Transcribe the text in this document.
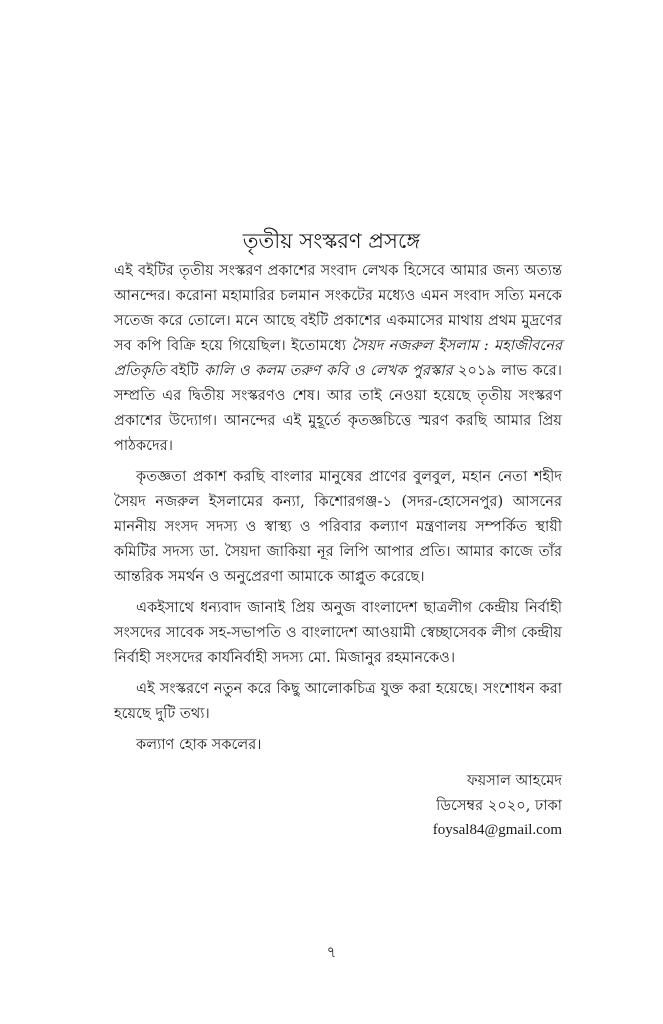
তৃতীয় সংস্করণ প্রসঙ্গে

এই বইটির তৃতীয় সংস্করণ প্রকাশের সংবাদ লেখক হিসেবে আমার জন্য অত্যন্ত আনন্দের। করোনা মহামারির চলমান সংকটের মধ্যেও এমন সংবাদ সত্যি মনকে সতেজ করে তোলে। মনে আছে বইটি প্রকাশের একমাসের মাথায় প্রথম মুদ্রণের সব কপি বিক্রি হয়ে গিয়েছিল। ইতোমধ্যে সৈয়দ নজরুল ইসলাম : মহাজীবনের প্রতিকৃতি বইটি কালি ও কলম তরুণ কবি ও লেখক পুরস্কার ২০১৯ লাভ করে। সম্প্রতি এর দ্বিতীয় সংস্করণও শেষ। আর তাই নেওয়া হয়েছে তৃতীয় সংস্করণ প্রকাশের উদ্যোগ। আনন্দের এই মুহূর্তে কৃতজ্ঞচিত্তে স্মরণ করছি আমার প্রিয় পাঠকদের।

কৃতজ্ঞতা প্রকাশ করছি বাংলার মানুষের প্রাণের বুলবুল, মহান নেতা শহীদ সৈয়দ নজরুল ইসলামের কন্যা, কিশোরগঞ্জ-১ (সদর-হোসেনপুর) আসনের মাননীয় সংসদ সদস্য ও স্বাস্থ্য ও পরিবার কল্যাণ মন্ত্রণালয় সম্পর্কিত স্থায়ী কমিটির সদস্য ডা. সৈয়দা জাকিয়া নূর লিপি আপার প্রতি। আমার কাজে তাঁর আন্তরিক সমর্থন ও অনুপ্রেরণা আমাকে আপ্লুত করেছে।

একইসাথে ধন্যবাদ জানাই প্রিয় অনুজ বাংলাদেশ ছাত্রলীগ কেন্দ্রীয় নির্বাহী সংসদের সাবেক সহ-সভাপতি ও বাংলাদেশ আওয়ামী স্বেচ্ছাসেবক লীগ কেন্দ্রীয় নির্বাহী সংসদের কার্যনির্বাহী সদস্য মো. মিজানুর রহমানকেও।

এই সংস্করণে নতুন করে কিছু আলোকচিত্র যুক্ত করা হয়েছে। সংশোধন করা হয়েছে দুটি তথ্য।

কল্যাণ হোক সকলের।

ফয়সাল আহমেদ
ডিসেম্বর ২০২০, ঢাকা
foysal84@gmail.com
৭
